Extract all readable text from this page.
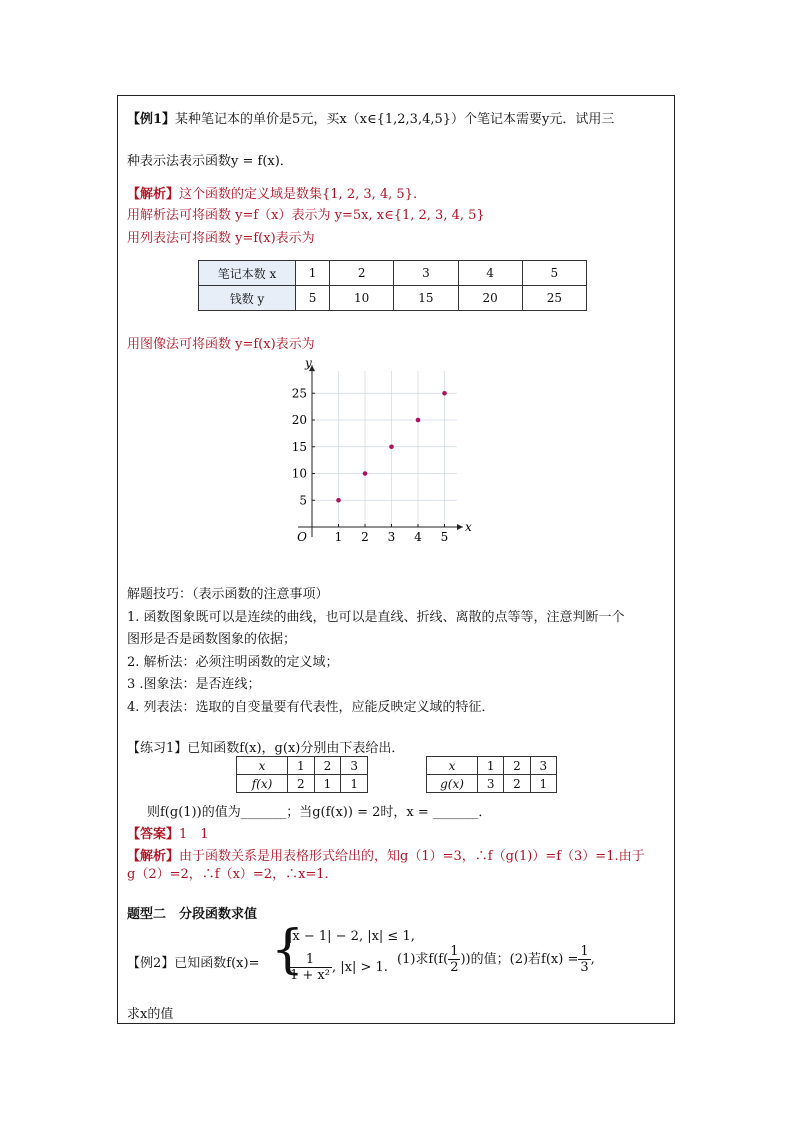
【例1】某种笔记本的单价是5元，买x（x∈{1,2,3,4,5}）个笔记本需要y元．试用三
种表示法表示函数y = f(x)．
【解析】这个函数的定义域是数集{1, 2, 3, 4, 5}.
用解析法可将函数 y=f（x）表示为 y=5x, x∈{1, 2, 3, 4, 5}
用列表法可将函数 y=f(x)表示为
笔记本数 x	1	2	3	4	5
钱数 y	5	10	15	20	25
用图像法可将函数 y=f(x)表示为
1 2 3 4 5
5
10
15
20
25
O
x
y
解题技巧：（表示函数的注意事项）
1. 函数图象既可以是连续的曲线，也可以是直线、折线、离散的点等等，注意判断一个
图形是否是函数图象的依据；
2. 解析法：必须注明函数的定义域；
3 .图象法：是否连线；
4. 列表法：选取的自变量要有代表性，应能反映定义域的特征．
【练习1】已知函数f(x)，g(x)分别由下表给出．
x	1	2	3
f(x)	2	1	1
x	1	2	3
g(x)	3	2	1
则f(g(1))的值为_______；当g(f(x)) = 2时，x = _______．
【答案】1　1
【解析】由于函数关系是用表格形式给出的，知g（1）=3，∴f（g(1)）=f（3）=1.由于
g（2）=2，∴f（x）=2，∴x=1.
题型二　分段函数求值
【例2】已知函数f(x)= {
|x − 1| − 2, |x| ≤ 1,
$\frac{1}{\text{1 + x²}}$ , |x| > 1.
(1)求$f(f( \frac{1}{2}$ ))的值；(2)若$f(x) = \frac{1}{3}$ ,
求x的值
